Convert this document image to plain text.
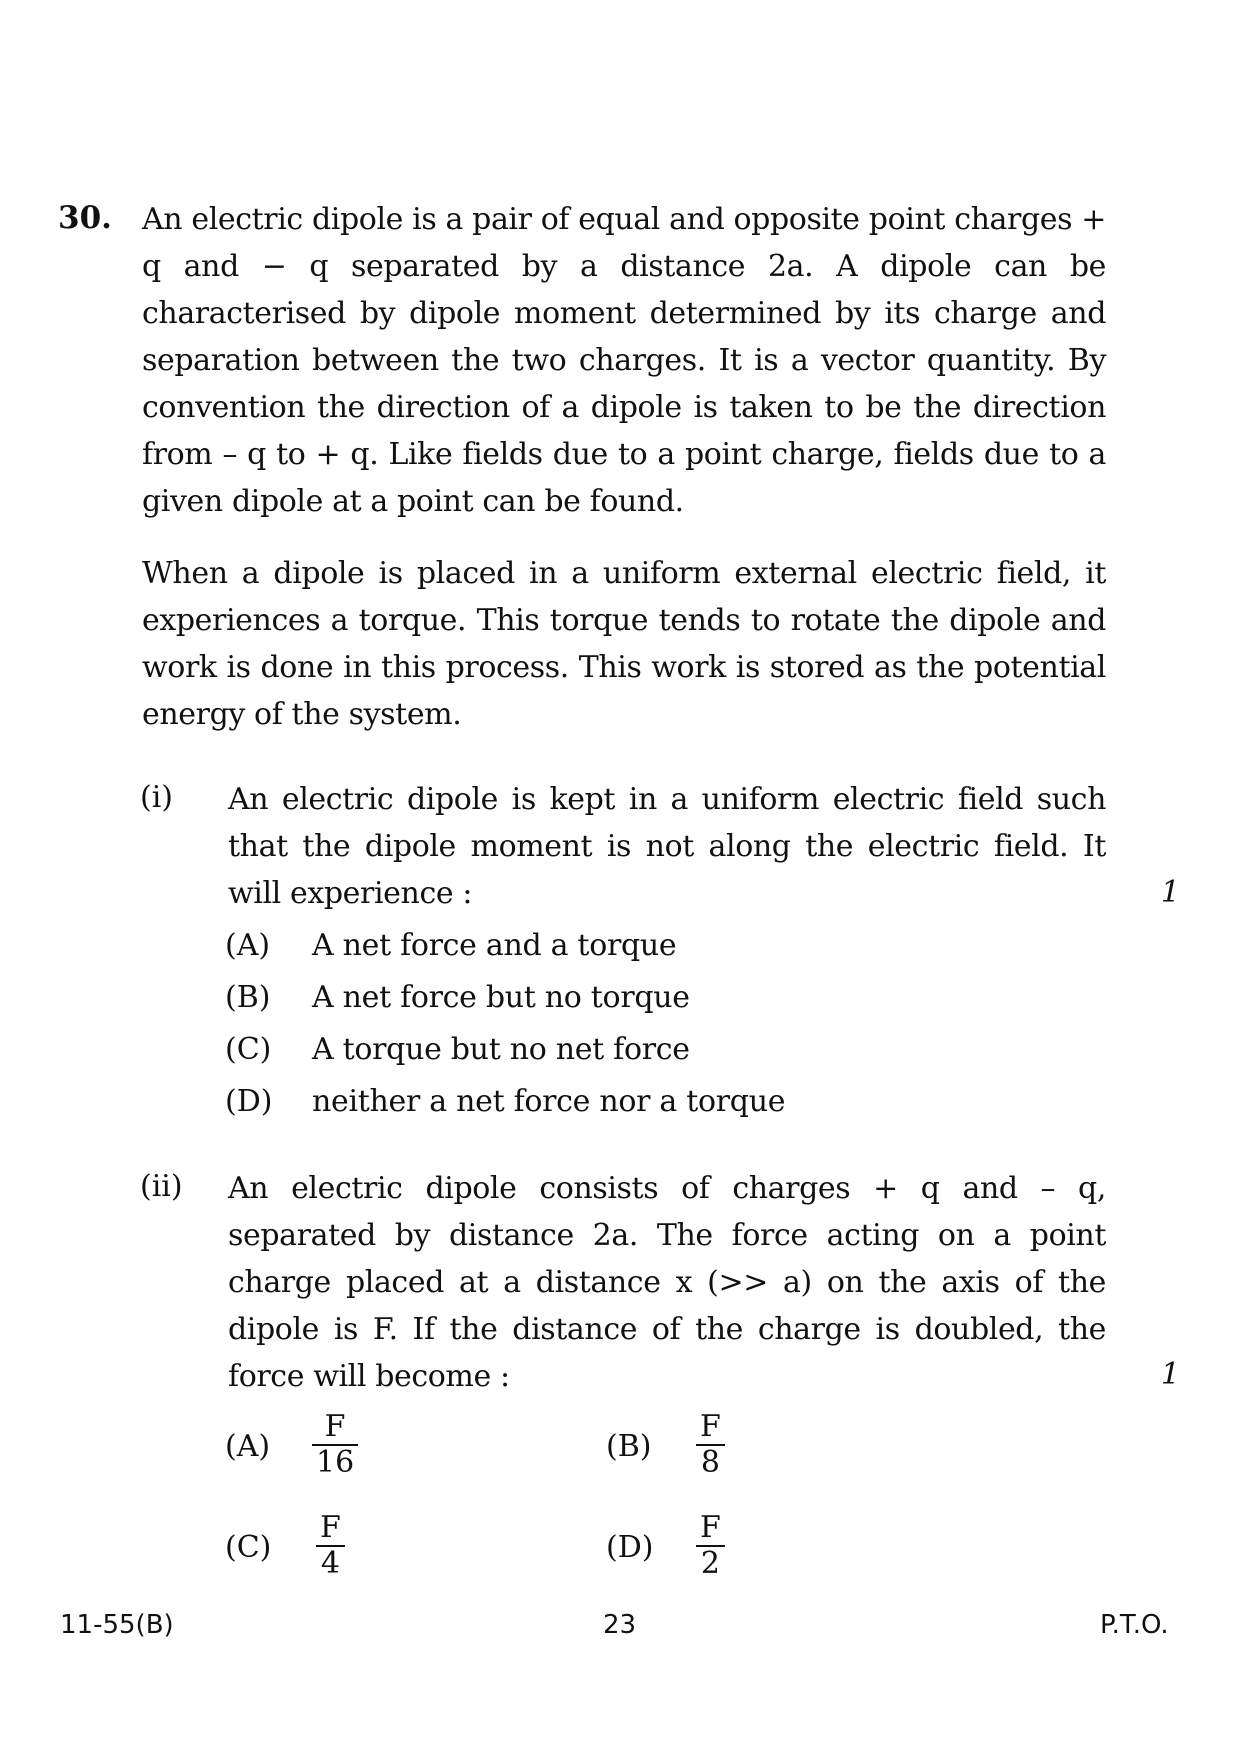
30. An electric dipole is a pair of equal and opposite point charges + q and − q separated by a distance 2a. A dipole can be characterised by dipole moment determined by its charge and separation between the two charges. It is a vector quantity. By convention the direction of a dipole is taken to be the direction from – q to + q. Like fields due to a point charge, fields due to a given dipole at a point can be found.
When a dipole is placed in a uniform external electric field, it experiences a torque. This torque tends to rotate the dipole and work is done in this process. This work is stored as the potential energy of the system.
(i) An electric dipole is kept in a uniform electric field such that the dipole moment is not along the electric field. It will experience :	1
(A) A net force and a torque
(B) A net force but no torque
(C) A torque but no net force
(D) neither a net force nor a torque
(ii) An electric dipole consists of charges + q and – q, separated by distance 2a. The force acting on a point charge placed at a distance x (>> a) on the axis of the dipole is F. If the distance of the charge is doubled, the force will become :	1
(A)
F
16	(B)
F
8
(C)
F
4	(D)
F
2
11-55(B)	23	P.T.O.
